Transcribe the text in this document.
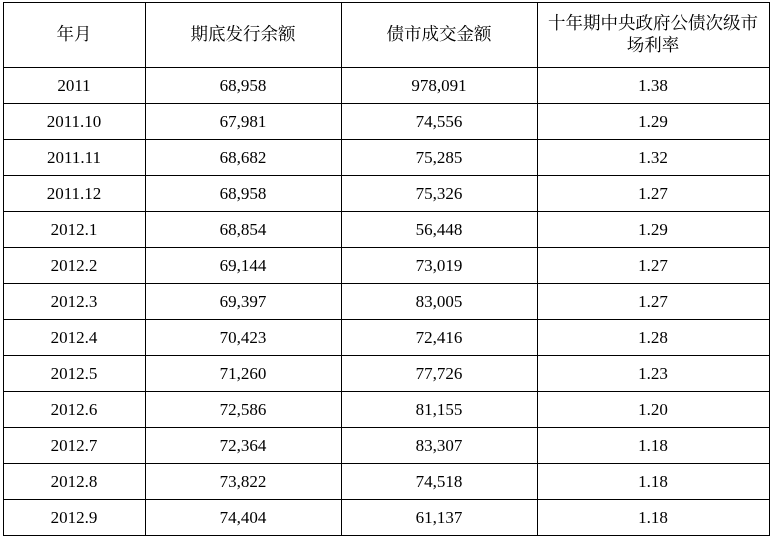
年月	期底发行余额	债市成交金额	十年期中央政府公债次级市场利率

2011	68,958	978,091	1.38
2011.10	67,981	74,556	1.29
2011.11	68,682	75,285	1.32
2011.12	68,958	75,326	1.27
2012.1	68,854	56,448	1.29
2012.2	69,144	73,019	1.27
2012.3	69,397	83,005	1.27
2012.4	70,423	72,416	1.28
2012.5	71,260	77,726	1.23
2012.6	72,586	81,155	1.20
2012.7	72,364	83,307	1.18
2012.8	73,822	74,518	1.18
2012.9	74,404	61,137	1.18
